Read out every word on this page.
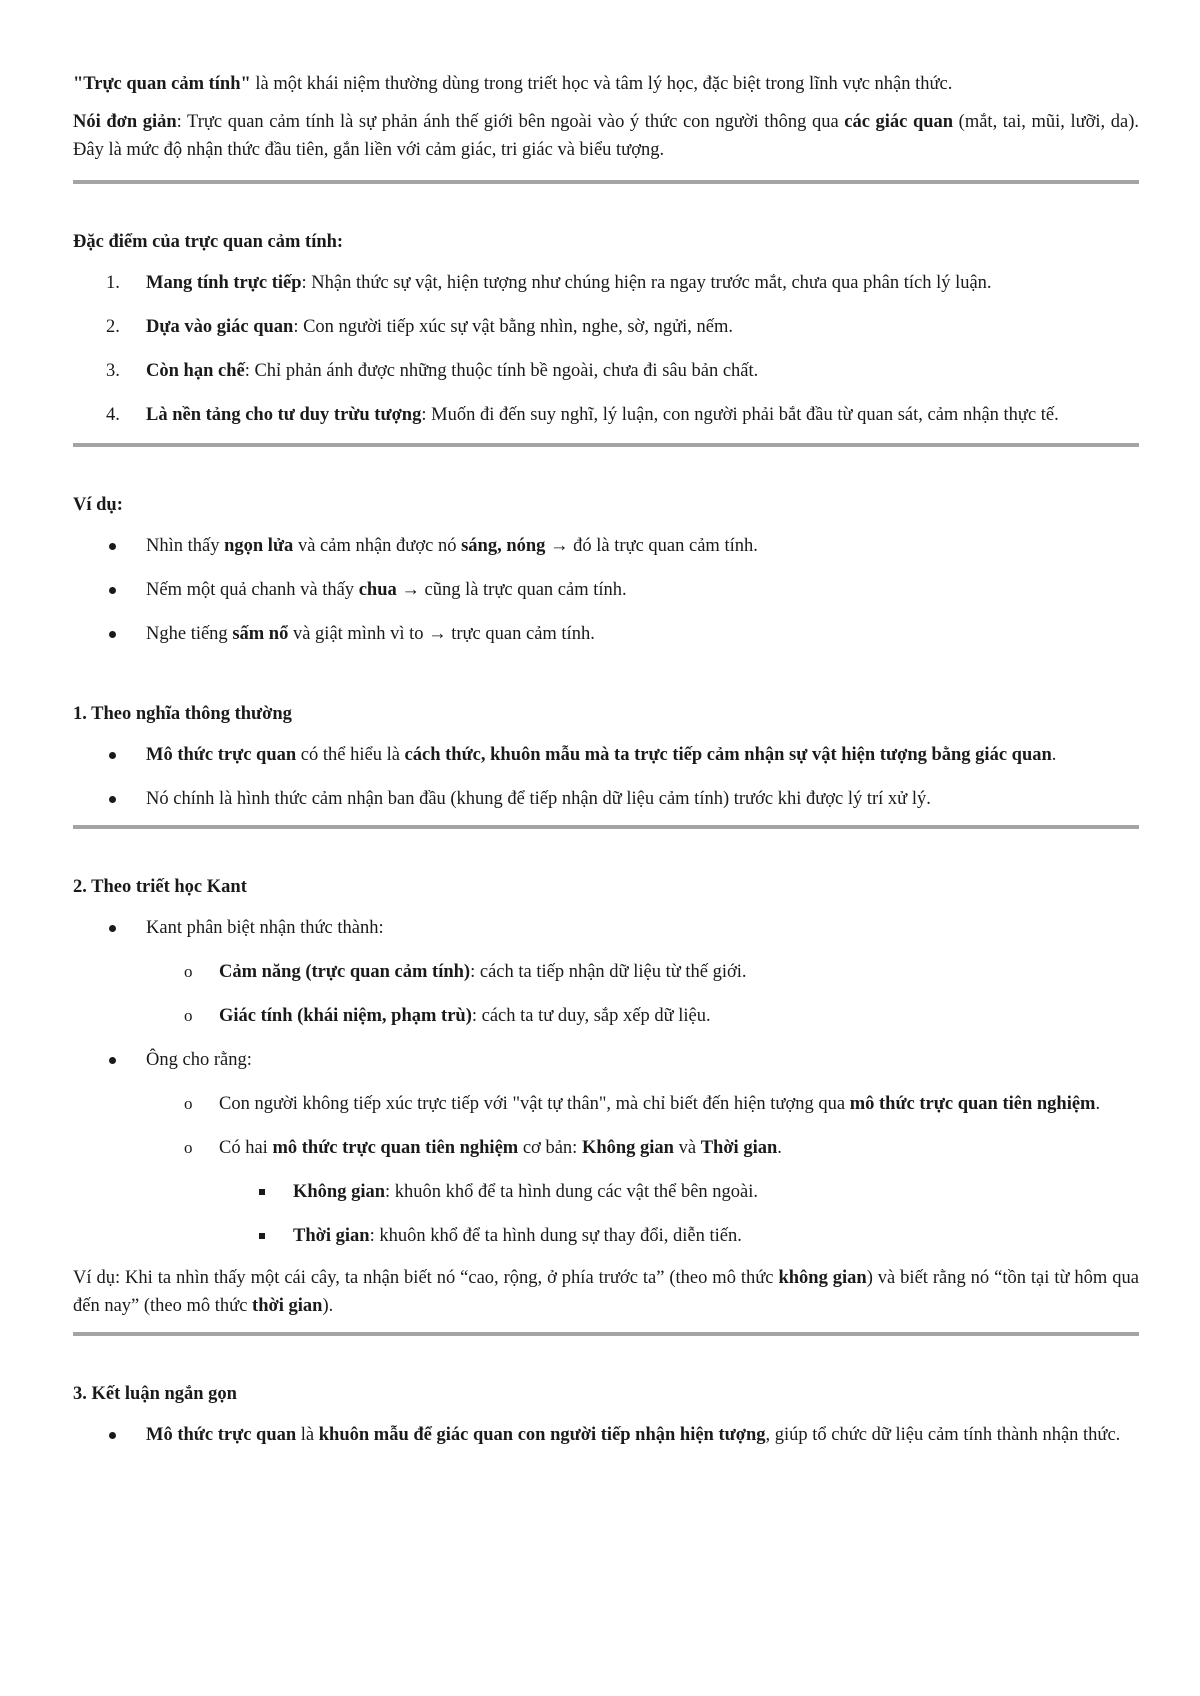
"Trực quan cảm tính" là một khái niệm thường dùng trong triết học và tâm lý học, đặc biệt trong lĩnh vực nhận thức.

Nói đơn giản: Trực quan cảm tính là sự phản ánh thế giới bên ngoài vào ý thức con người thông qua các giác quan (mắt, tai, mũi, lưỡi, da). Đây là mức độ nhận thức đầu tiên, gắn liền với cảm giác, tri giác và biểu tượng.

Đặc điểm của trực quan cảm tính:

1. Mang tính trực tiếp: Nhận thức sự vật, hiện tượng như chúng hiện ra ngay trước mắt, chưa qua phân tích lý luận.
2. Dựa vào giác quan: Con người tiếp xúc sự vật bằng nhìn, nghe, sờ, ngửi, nếm.
3. Còn hạn chế: Chỉ phản ánh được những thuộc tính bề ngoài, chưa đi sâu bản chất.
4. Là nền tảng cho tư duy trừu tượng: Muốn đi đến suy nghĩ, lý luận, con người phải bắt đầu từ quan sát, cảm nhận thực tế.

Ví dụ:

Nhìn thấy ngọn lửa và cảm nhận được nó sáng, nóng → đó là trực quan cảm tính.
Nếm một quả chanh và thấy chua → cũng là trực quan cảm tính.
Nghe tiếng sấm nổ và giật mình vì to → trực quan cảm tính.

1. Theo nghĩa thông thường

Mô thức trực quan có thể hiểu là cách thức, khuôn mẫu mà ta trực tiếp cảm nhận sự vật hiện tượng bằng giác quan.
Nó chính là hình thức cảm nhận ban đầu (khung để tiếp nhận dữ liệu cảm tính) trước khi được lý trí xử lý.

2. Theo triết học Kant

Kant phân biệt nhận thức thành:
o Cảm năng (trực quan cảm tính): cách ta tiếp nhận dữ liệu từ thế giới.
o Giác tính (khái niệm, phạm trù): cách ta tư duy, sắp xếp dữ liệu.
Ông cho rằng:
o Con người không tiếp xúc trực tiếp với "vật tự thân", mà chỉ biết đến hiện tượng qua mô thức trực quan tiên nghiệm.
o Có hai mô thức trực quan tiên nghiệm cơ bản: Không gian và Thời gian.
Không gian: khuôn khổ để ta hình dung các vật thể bên ngoài.
Thời gian: khuôn khổ để ta hình dung sự thay đổi, diễn tiến.

Ví dụ: Khi ta nhìn thấy một cái cây, ta nhận biết nó “cao, rộng, ở phía trước ta” (theo mô thức không gian) và biết rằng nó “tồn tại từ hôm qua đến nay” (theo mô thức thời gian).

3. Kết luận ngắn gọn

Mô thức trực quan là khuôn mẫu để giác quan con người tiếp nhận hiện tượng, giúp tổ chức dữ liệu cảm tính thành nhận thức.
